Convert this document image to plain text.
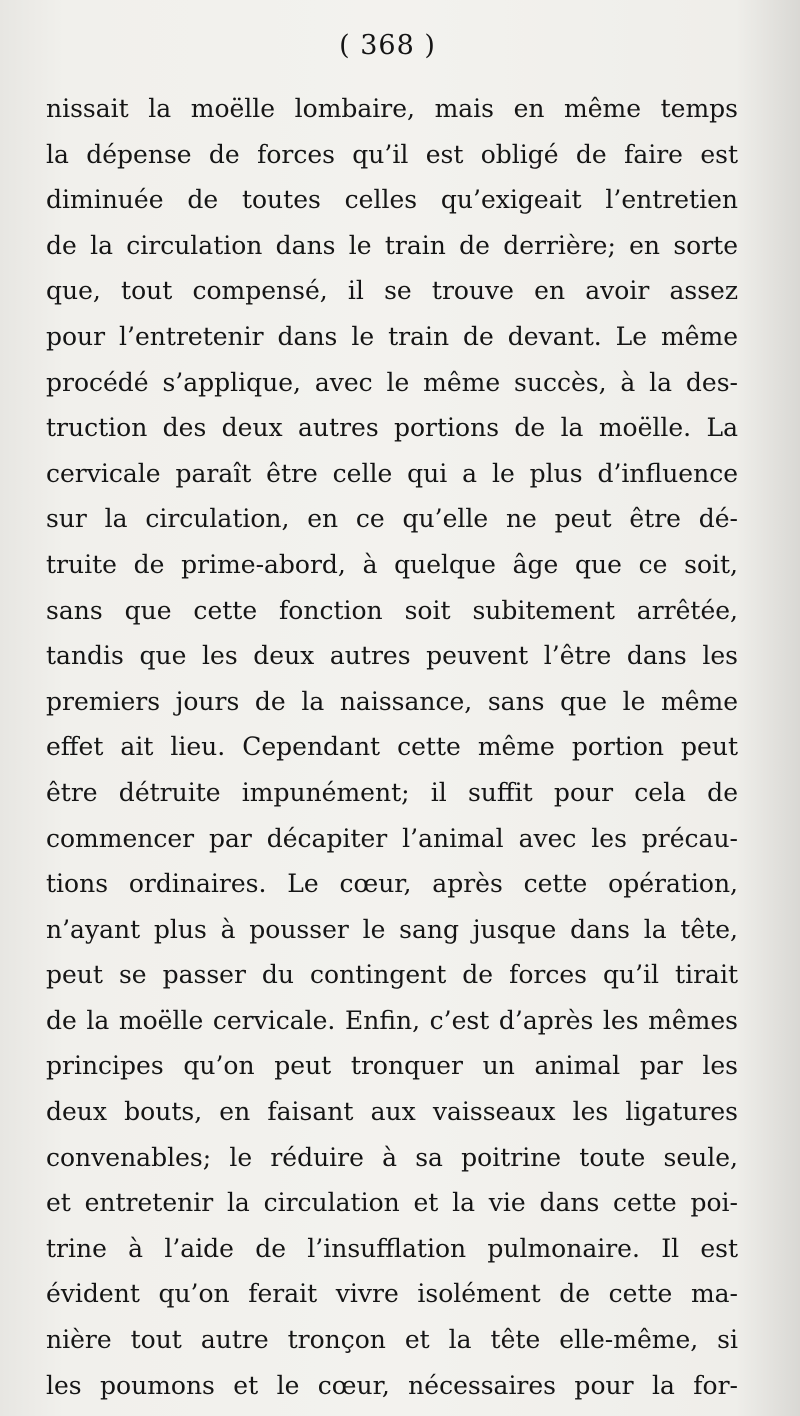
( 368 )
nissait la moëlle lombaire, mais en même temps
la dépense de forces qu’il est obligé de faire est
diminuée de toutes celles qu’exigeait l’entretien
de la circulation dans le train de derrière; en sorte
que, tout compensé, il se trouve en avoir assez
pour l’entretenir dans le train de devant. Le même
procédé s’applique, avec le même succès, à la des-
truction des deux autres portions de la moëlle. La
cervicale paraît être celle qui a le plus d’influence
sur la circulation, en ce qu’elle ne peut être dé-
truite de prime-abord, à quelque âge que ce soit,
sans que cette fonction soit subitement arrêtée,
tandis que les deux autres peuvent l’être dans les
premiers jours de la naissance, sans que le même
effet ait lieu. Cependant cette même portion peut
être détruite impunément; il suffit pour cela de
commencer par décapiter l’animal avec les précau-
tions ordinaires. Le cœur, après cette opération,
n’ayant plus à pousser le sang jusque dans la tête,
peut se passer du contingent de forces qu’il tirait
de la moëlle cervicale. Enfin, c’est d’après les mêmes
principes qu’on peut tronquer un animal par les
deux bouts, en faisant aux vaisseaux les ligatures
convenables; le réduire à sa poitrine toute seule,
et entretenir la circulation et la vie dans cette poi-
trine à l’aide de l’insufflation pulmonaire. Il est
évident qu’on ferait vivre isolément de cette ma-
nière tout autre tronçon et la tête elle-même, si
les poumons et le cœur, nécessaires pour la for-
